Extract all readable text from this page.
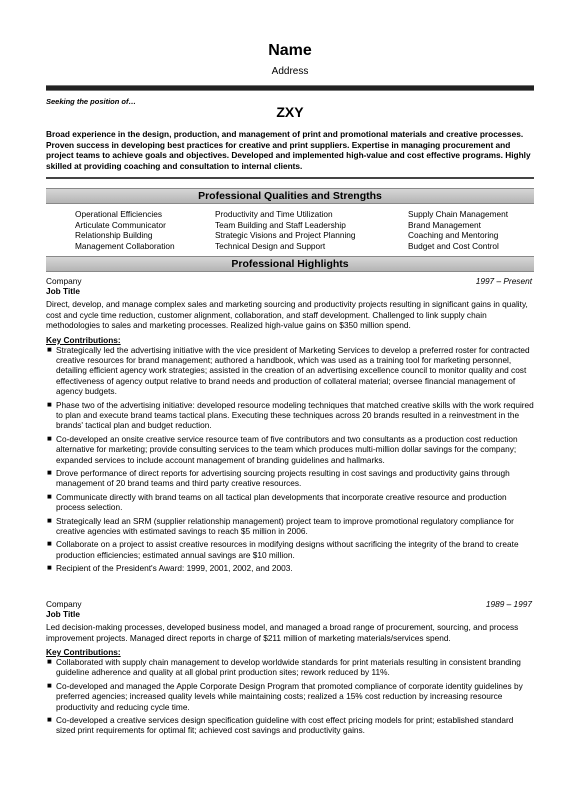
Name
Address
Seeking the position of…
ZXY
Broad experience in the design, production, and management of print and promotional materials and creative processes. Proven success in developing best practices for creative and print suppliers. Expertise in managing procurement and project teams to achieve goals and objectives. Developed and implemented high-value and cost effective programs. Highly skilled at providing coaching and consultation to internal clients.
Professional Qualities and Strengths
Operational Efficiencies	Productivity and Time Utilization	Supply Chain Management
Articulate Communicator	Team Building and Staff Leadership	Brand Management
Relationship Building	Strategic Visions and Project Planning	Coaching and Mentoring
Management Collaboration	Technical Design and Support	Budget and Cost Control
Professional Highlights
Company	1997 – Present
Job Title
Direct, develop, and manage complex sales and marketing sourcing and productivity projects resulting in significant gains in quality, cost and cycle time reduction, customer alignment, collaboration, and staff development. Challenged to link supply chain methodologies to sales and marketing processes. Realized high-value gains on $350 million spend.
Key Contributions:
■ Strategically led the advertising initiative with the vice president of Marketing Services to develop a preferred roster for contracted creative resources for brand management; authored a handbook, which was used as a training tool for marketing personnel, detailing efficient agency work strategies; assisted in the creation of an advertising excellence council to monitor quality and cost effectiveness of agency output relative to brand needs and production of collateral material; oversee financial management of agency budgets.
■ Phase two of the advertising initiative: developed resource modeling techniques that matched creative skills with the work required to plan and execute brand teams tactical plans. Executing these techniques across 20 brands resulted in a reinvestment in the brands' tactical plan and budget reduction.
■ Co-developed an onsite creative service resource team of five contributors and two consultants as a production cost reduction alternative for marketing; provide consulting services to the team which produces multi-million dollar savings for the company; expanded services to include account management of branding guidelines and hallmarks.
■ Drove performance of direct reports for advertising sourcing projects resulting in cost savings and productivity gains through management of 20 brand teams and third party creative resources.
■ Communicate directly with brand teams on all tactical plan developments that incorporate creative resource and production process selection.
■ Strategically lead an SRM (supplier relationship management) project team to improve promotional regulatory compliance for creative agencies with estimated savings to reach $5 million in 2006.
■ Collaborate on a project to assist creative resources in modifying designs without sacrificing the integrity of the brand to create production efficiencies; estimated annual savings are $10 million.
■ Recipient of the President's Award: 1999, 2001, 2002, and 2003.
Company	1989 – 1997
Job Title
Led decision-making processes, developed business model, and managed a broad range of procurement, sourcing, and process improvement projects. Managed direct reports in charge of $211 million of marketing materials/services spend.
Key Contributions:
■ Collaborated with supply chain management to develop worldwide standards for print materials resulting in consistent branding guideline adherence and quality at all global print production sites; rework reduced by 11%.
■ Co-developed and managed the Apple Corporate Design Program that promoted compliance of corporate identity guidelines by preferred agencies; increased quality levels while maintaining costs; realized a 15% cost reduction by increasing resource productivity and reducing cycle time.
■ Co-developed a creative services design specification guideline with cost effect pricing models for print; established standard sized print requirements for optimal fit; achieved cost savings and productivity gains.
